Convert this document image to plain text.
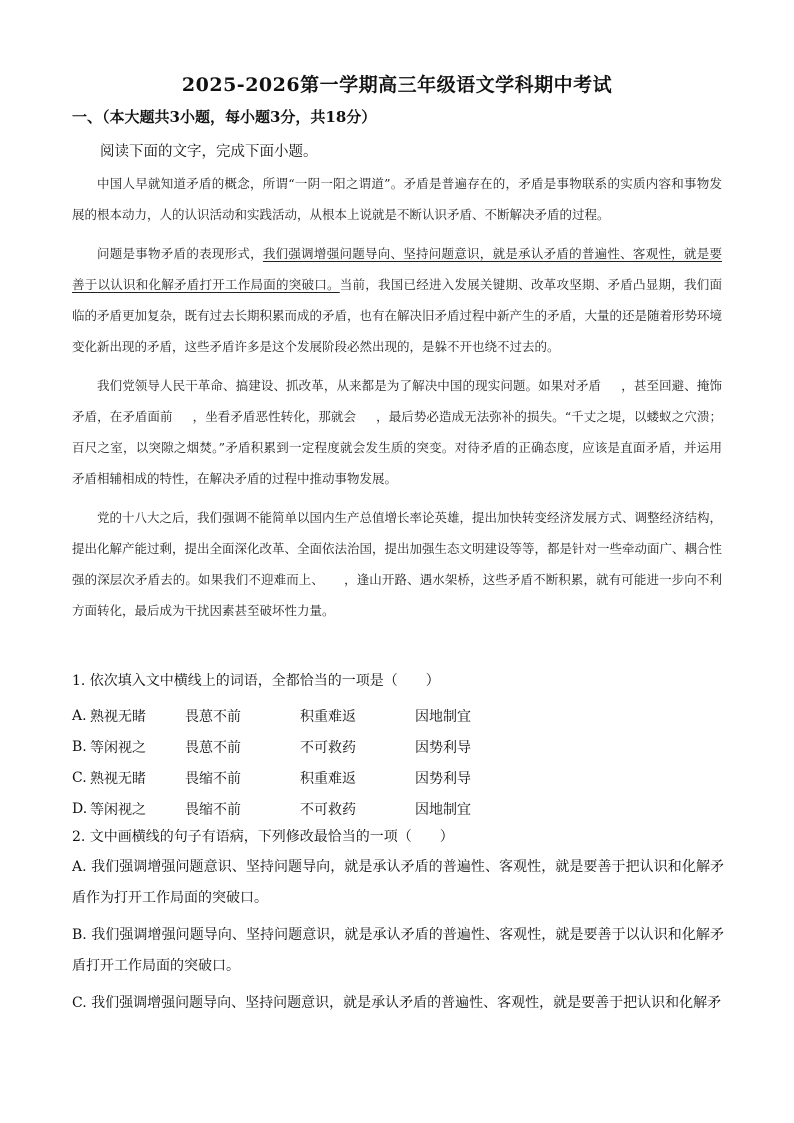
2025-2026第一学期高三年级语文学科期中考试
一、（本大题共3小题，每小题3分，共18分）
阅读下面的文字，完成下面小题。

中国人早就知道矛盾的概念，所谓“一阴一阳之谓道”。矛盾是普遍存在的，矛盾是事物联系的实质内容和事物发展的根本动力，人的认识活动和实践活动，从根本上说就是不断认识矛盾、不断解决矛盾的过程。

问题是事物矛盾的表现形式，我们强调增强问题导向、坚持问题意识，就是承认矛盾的普遍性、客观性，就是要善于以认识和化解矛盾打开工作局面的突破口。当前，我国已经进入发展关键期、改革攻坚期、矛盾凸显期，我们面临的矛盾更加复杂，既有过去长期积累而成的矛盾，也有在解决旧矛盾过程中新产生的矛盾，大量的还是随着形势环境变化新出现的矛盾，这些矛盾许多是这个发展阶段必然出现的，是躲不开也绕不过去的。

我们党领导人民干革命、搞建设、抓改革，从来都是为了解决中国的现实问题。如果对矛盾 ，甚至回避、掩饰矛盾，在矛盾面前 ，坐看矛盾恶性转化，那就会 ，最后势必造成无法弥补的损失。“千丈之堤，以蝼蚁之穴溃；百尺之室，以突隙之烟焚。”矛盾积累到一定程度就会发生质的突变。对待矛盾的正确态度，应该是直面矛盾，并运用矛盾相辅相成的特性，在解决矛盾的过程中推动事物发展。

党的十八大之后，我们强调不能简单以国内生产总值增长率论英雄，提出加快转变经济发展方式、调整经济结构，提出化解产能过剩，提出全面深化改革、全面依法治国，提出加强生态文明建设等等，都是针对一些牵动面广、耦合性强的深层次矛盾去的。如果我们不迎难而上、 ，逢山开路、遇水架桥，这些矛盾不断积累，就有可能进一步向不利方面转化，最后成为干扰因素甚至破坏性力量。

1. 依次填入文中横线上的词语，全都恰当的一项是（　　）
A. 熟视无睹	畏葸不前	积重难返	因地制宜
B. 等闲视之	畏葸不前	不可救药	因势利导
C. 熟视无睹	畏缩不前	积重难返	因势利导
D. 等闲视之	畏缩不前	不可救药	因地制宜
2. 文中画横线的句子有语病，下列修改最恰当的一项（　　）

A. 我们强调增强问题意识、坚持问题导向，就是承认矛盾的普遍性、客观性，就是要善于把认识和化解矛盾作为打开工作局面的突破口。

B. 我们强调增强问题导向、坚持问题意识，就是承认矛盾的普遍性、客观性，就是要善于以认识和化解矛盾打开工作局面的突破口。

C. 我们强调增强问题导向、坚持问题意识，就是承认矛盾的普遍性、客观性，就是要善于把认识和化解矛
